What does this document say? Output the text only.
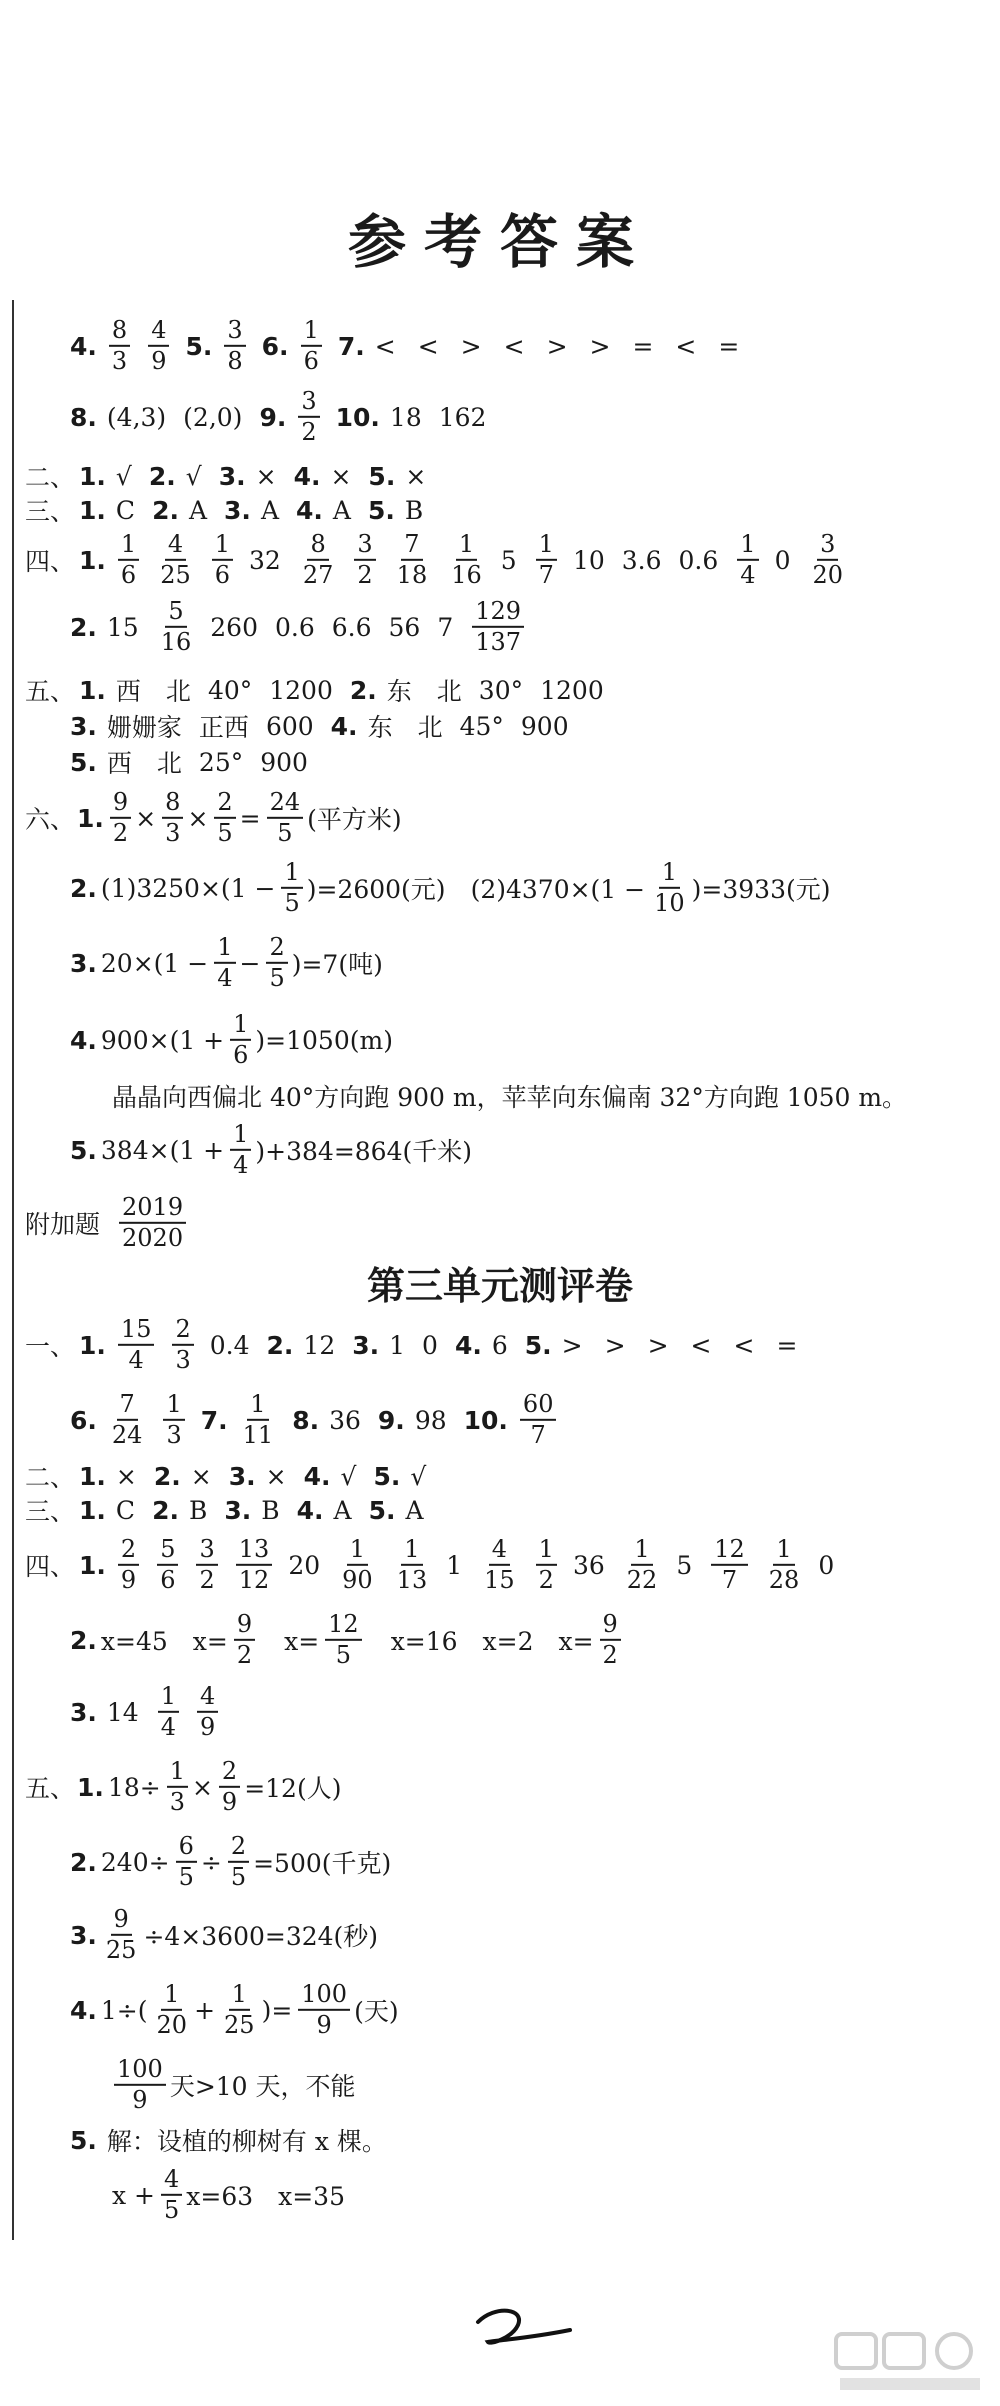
参考答案
第三单元测评卷
4. $\frac{8}{3} \frac{4}{9} 5$. $\frac{3}{8} 6$. $\frac{1}{6} 7$. < < > < > > = < =
8. (4,3) (2,0) 9. $\frac{3}{2} 10$. 18 162
二、 1. √ 2. √ 3. × 4. × 5. ×
三、 1. C 2. A 3. A 4. A 5. B
四、 1. $\frac{1}{6} \frac{4}{25} \frac{1}{6} 32 \frac{8}{27} \frac{3}{2} \frac{7}{18} \frac{1}{16} 5 \frac{1}{7} 10$ 3.6 $0.6 \frac{1}{4} 0 \frac{3}{20}$
2. $15 \frac{5}{16} 260$ 0.6 6.6 56 $7 \frac{129}{137}$
五、 1. 西　北 40° 1200 2. 东　北 30° 1200
3. 姗姗家 正西 600 4. 东　北 45° 900
5. 西　北 25° 900
六、 1. $\frac{9}{2} \times \frac{8}{3} \times \frac{2}{5} = \frac{24}{5}$ (平方米)
2. $(1)3250\times(1 - \frac{1}{5} )=2600$(元)　$(2)4370\times(1 - \frac{1}{10} )=3933$(元)
3. $20\times(1 - \frac{1}{4} - \frac{2}{5} )=7$(吨)
4. $900\times(1 + \frac{1}{6} )=1050(m)$
晶晶向西偏北 40°方向跑 900 m，苹苹向东偏南 32°方向跑 1050 m。
5. $384\times(1 + \frac{1}{4} )+384=864$(千米)
附加题 $\frac{2019}{2020}$
一、 1. $\frac{15}{4} \frac{2}{3} 0.4$ 2. 12 3. 1 0 4. 6 5. > > > < < =
6. $\frac{7}{24} \frac{1}{3} 7$. $\frac{1}{11} 8$. 36 9. 98 10. $\frac{60}{7}$
二、 1. × 2. × 3. × 4. √ 5. √
三、 1. C 2. B 3. B 4. A 5. A
四、 1. $\frac{2}{9} \frac{5}{6} \frac{3}{2} \frac{13}{12} 20 \frac{1}{90} \frac{1}{13} 1 \frac{4}{15} \frac{1}{2} 36 \frac{1}{22} 5 \frac{12}{7} \frac{1}{28} 0$
2. x=45　$x= \frac{9}{2}$ 　$x= \frac{12}{5}$ 　x=16　x=2　$x= \frac{9}{2}$
3. $14 \frac{1}{4} \frac{4}{9}$
五、 1. $18\div \frac{1}{3} \times \frac{2}{9} =12$(人)
2. $240\div \frac{6}{5} \div \frac{2}{5} =500$(千克)
3. $\frac{9}{25} \div 4\times 3600=324$(秒)
4. $1\div( \frac{1}{20} + \frac{1}{25}$ )= $\frac{100}{9}$ (天)
$\frac{100}{9}$ 天>10 天，不能
5. 解：设植的柳树有 x 棵。
$x + \frac{4}{5} x=63$　x=35
